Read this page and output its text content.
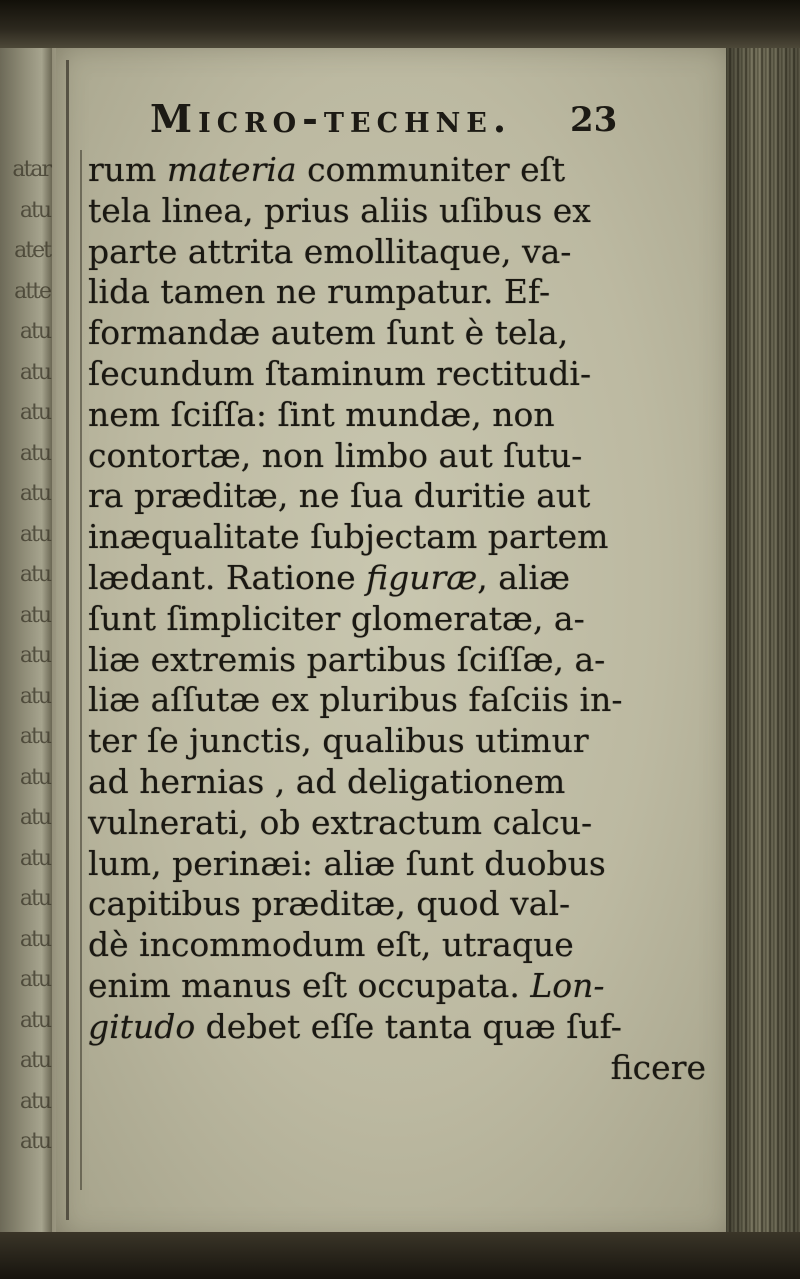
atar
atu
atet
atte
atu
atu
atu
atu
atu
atu
atu
atu
atu
atu
atu
atu
atu
atu
atu
atu
atu
atu
atu
atu
atu
Micro-techne. 23
rum materia communiter eſt
tela linea, prius aliis uſibus ex
parte attrita emollitaque, va-
lida tamen ne rumpatur. Ef-
formandæ autem ſunt è tela,
ſecundum ſtaminum rectitudi-
nem ſciſſa: ſint mundæ, non
contortæ, non limbo aut ſutu-
ra præditæ, ne ſua duritie aut
inæqualitate ſubjectam partem
lædant. Ratione figuræ, aliæ
ſunt ſimpliciter glomeratæ, a-
liæ extremis partibus ſciſſæ, a-
liæ aſſutæ ex pluribus faſciis in-
ter ſe junctis, qualibus utimur
ad hernias , ad deligationem
vulnerati, ob extractum calcu-
lum, perinæi: aliæ ſunt duobus
capitibus præditæ, quod val-
dè incommodum eſt, utraque
enim manus eſt occupata. Lon-
gitudo debet eſſe tanta quæ ſuf-
ficere
